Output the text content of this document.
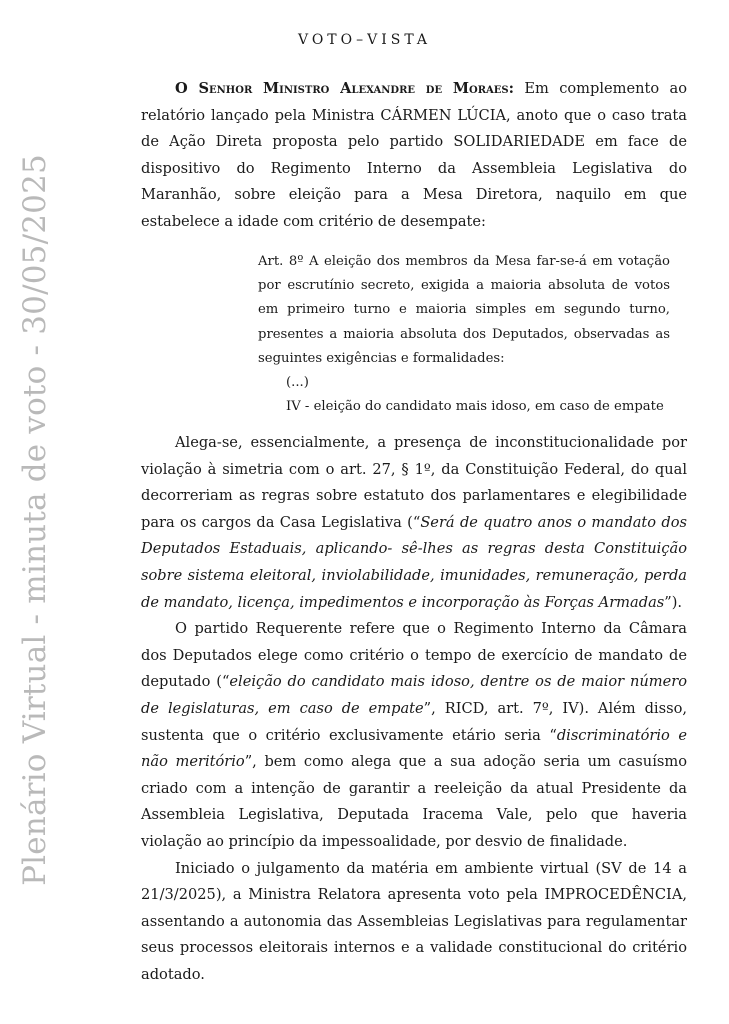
Plenário Virtual - minuta de voto - 30/05/2025
VOTO–VISTA

O Senhor Ministro Alexandre de Moraes: Em complemento ao relatório lançado pela Ministra CÁRMEN LÚCIA, anoto que o caso trata de Ação Direta proposta pelo partido SOLIDARIEDADE em face de dispositivo do Regimento Interno da Assembleia Legislativa do Maranhão, sobre eleição para a Mesa Diretora, naquilo em que estabelece a idade com critério de desempate:

Art. 8º A eleição dos membros da Mesa far-se-á em votação por escrutínio secreto, exigida a maioria absoluta de votos em primeiro turno e maioria simples em segundo turno, presentes a maioria absoluta dos Deputados, observadas as seguintes exigências e formalidades:

(...)

IV - eleição do candidato mais idoso, em caso de empate

Alega-se, essencialmente, a presença de inconstitucionalidade por violação à simetria com o art. 27, § 1º, da Constituição Federal, do qual decorreriam as regras sobre estatuto dos parlamentares e elegibilidade para os cargos da Casa Legislativa (“Será de quatro anos o mandato dos Deputados Estaduais, aplicando- sê-lhes as regras desta Constituição sobre sistema eleitoral, inviolabilidade, imunidades, remuneração, perda de mandato, licença, impedimentos e incorporação às Forças Armadas”).

O partido Requerente refere que o Regimento Interno da Câmara dos Deputados elege como critério o tempo de exercício de mandato de deputado (“eleição do candidato mais idoso, dentre os de maior número de legislaturas, em caso de empate”, RICD, art. 7º, IV). Além disso, sustenta que o critério exclusivamente etário seria “discriminatório e não meritório”, bem como alega que a sua adoção seria um casuísmo criado com a intenção de garantir a reeleição da atual Presidente da Assembleia Legislativa, Deputada Iracema Vale, pelo que haveria violação ao princípio da impessoalidade, por desvio de finalidade.

Iniciado o julgamento da matéria em ambiente virtual (SV de 14 a 21/3/2025), a Ministra Relatora apresenta voto pela IMPROCEDÊNCIA, assentando a autonomia das Assembleias Legislativas para regulamentar seus processos eleitorais internos e a validade constitucional do critério adotado.
